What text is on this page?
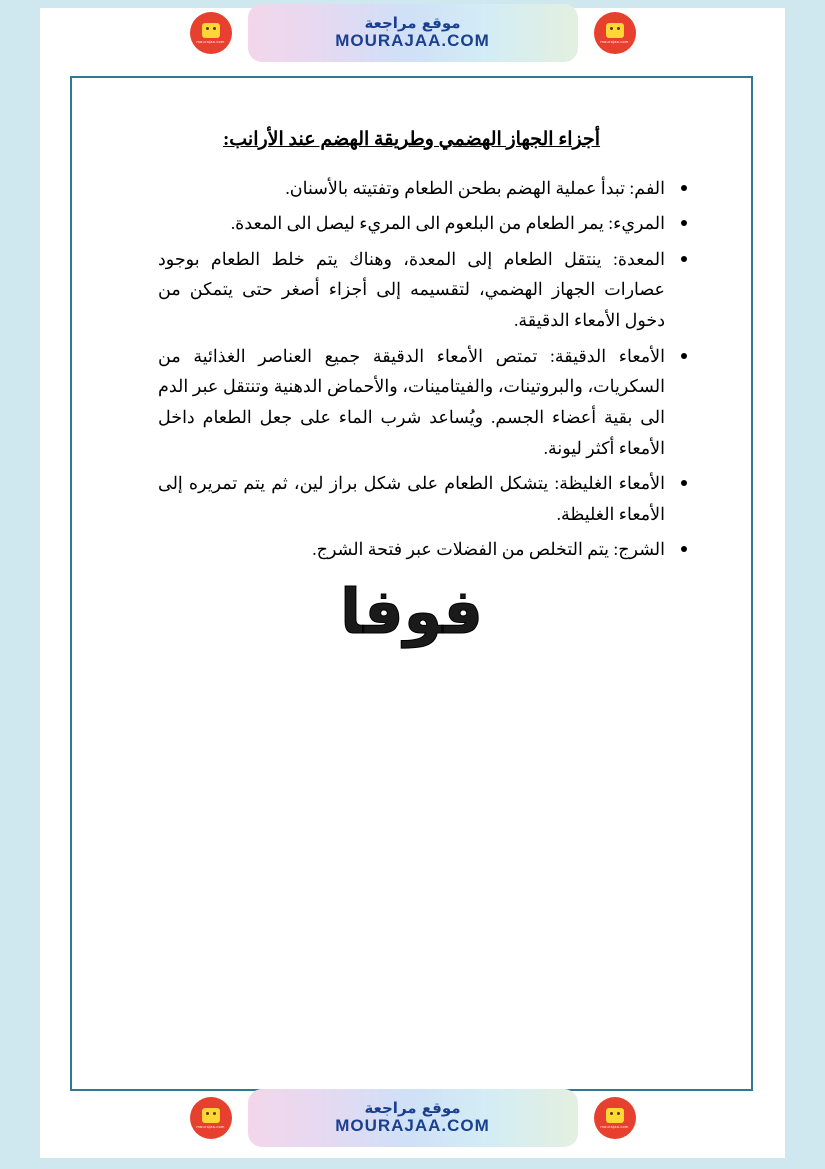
أجزاء الجهاز الهضمي وطريقة الهضم عند الأرانب:
الفم: تبدأ عملية الهضم بطحن الطعام وتفتيته بالأسنان.
المريء: يمر الطعام من البلعوم الى المريء ليصل الى المعدة.
المعدة: ينتقل الطعام إلى المعدة، وهناك يتم خلط الطعام بوجود عصارات الجهاز الهضمي، لتقسيمه إلى أجزاء أصغر حتى يتمكن من دخول الأمعاء الدقيقة.
الأمعاء الدقيقة: تمتص الأمعاء الدقيقة جميع العناصر الغذائية من السكريات، والبروتينات، والفيتامينات، والأحماض الدهنية وتنتقل عبر الدم الى بقية أعضاء الجسم. ويُساعد شرب الماء على جعل الطعام داخل الأمعاء أكثر ليونة.
الأمعاء الغليظة: يتشكل الطعام على شكل براز لين، ثم يتم تمريره إلى الأمعاء الغليظة.
الشرج: يتم التخلص من الفضلات عبر فتحة الشرج.
فوفا
mourajaa.com
موقع مراجعة
MOURAJAA.COM	mourajaa.com
mourajaa.com
موقع مراجعة
MOURAJAA.COM	mourajaa.com
